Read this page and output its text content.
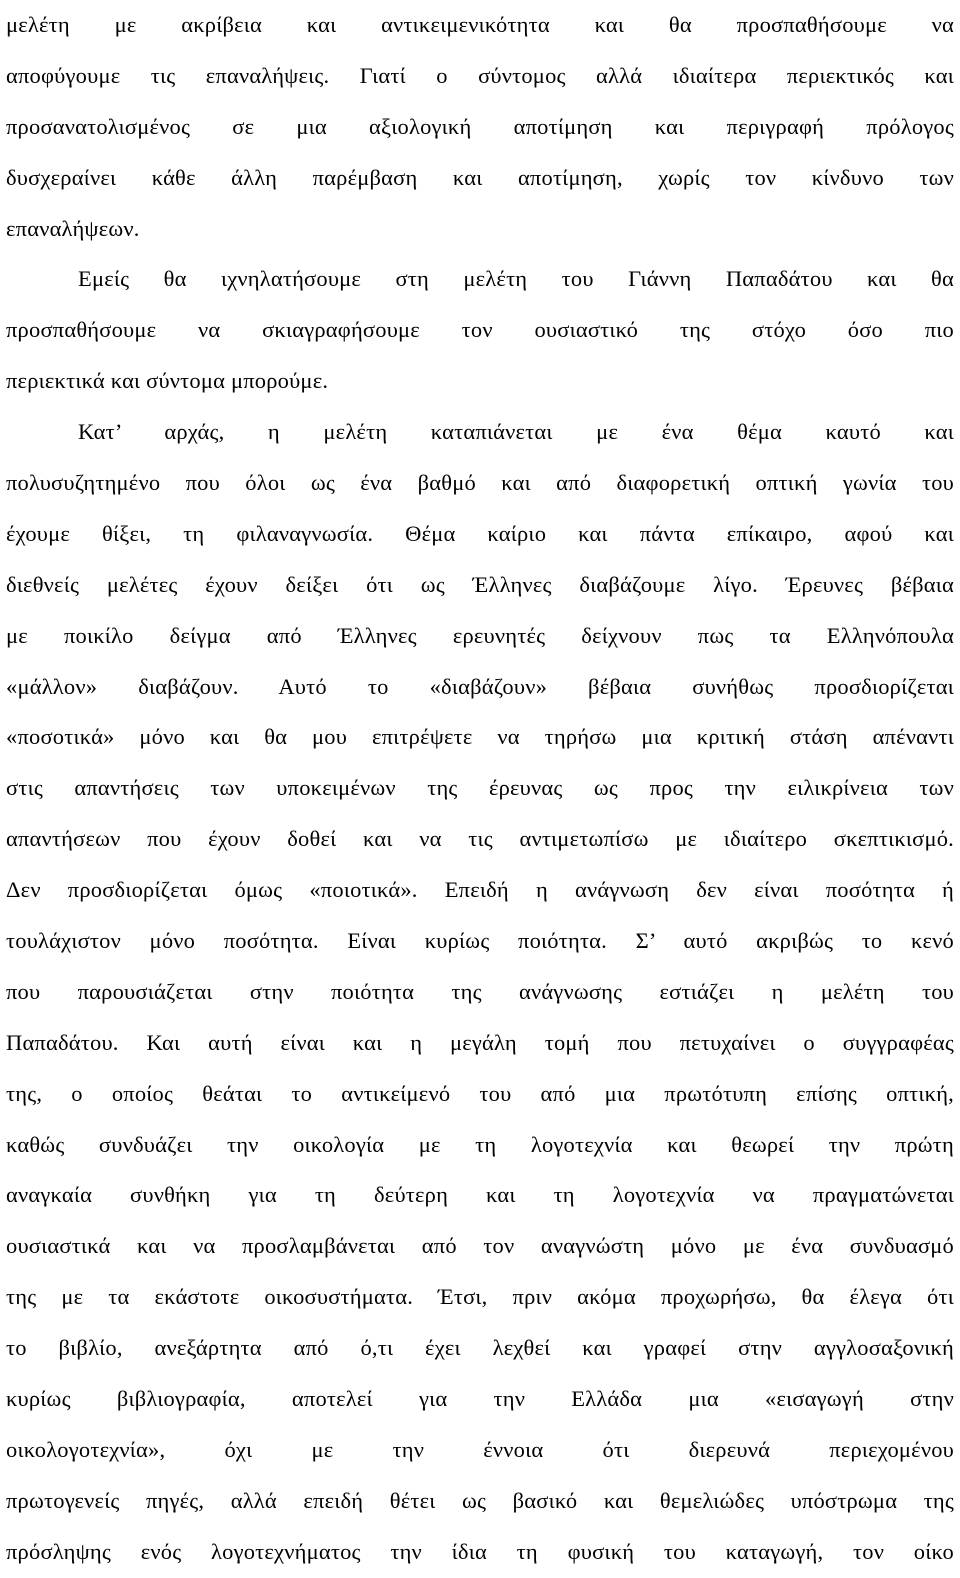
μελέτη με ακρίβεια και αντικειμενικότητα και θα προσπαθήσουμε να
αποφύγουμε τις επαναλήψεις. Γιατί ο σύντομος αλλά ιδιαίτερα περιεκτικός και
προσανατολισμένος σε μια αξιολογική αποτίμηση και περιγραφή πρόλογος
δυσχεραίνει κάθε άλλη παρέμβαση και αποτίμηση, χωρίς τον κίνδυνο των
επαναλήψεων.
Εμείς θα ιχνηλατήσουμε στη μελέτη του Γιάννη Παπαδάτου και θα
προσπαθήσουμε να σκιαγραφήσουμε τον ουσιαστικό της στόχο όσο πιο
περιεκτικά και σύντομα μπορούμε.
Κατ’ αρχάς, η μελέτη καταπιάνεται με ένα θέμα καυτό και
πολυσυζητημένο που όλοι ως ένα βαθμό και από διαφορετική οπτική γωνία του
έχουμε θίξει, τη φιλαναγνωσία. Θέμα καίριο και πάντα επίκαιρο, αφού και
διεθνείς μελέτες έχουν δείξει ότι ως Έλληνες διαβάζουμε λίγο. Έρευνες βέβαια
με ποικίλο δείγμα από Έλληνες ερευνητές δείχνουν πως τα Ελληνόπουλα
«μάλλον» διαβάζουν. Αυτό το «διαβάζουν» βέβαια συνήθως προσδιορίζεται
«ποσοτικά» μόνο και θα μου επιτρέψετε να τηρήσω μια κριτική στάση απέναντι
στις απαντήσεις των υποκειμένων της έρευνας ως προς την ειλικρίνεια των
απαντήσεων που έχουν δοθεί και να τις αντιμετωπίσω με ιδιαίτερο σκεπτικισμό.
Δεν προσδιορίζεται όμως «ποιοτικά». Επειδή η ανάγνωση δεν είναι ποσότητα ή
τουλάχιστον μόνο ποσότητα. Είναι κυρίως ποιότητα. Σ’ αυτό ακριβώς το κενό
που παρουσιάζεται στην ποιότητα της ανάγνωσης εστιάζει η μελέτη του
Παπαδάτου. Και αυτή είναι και η μεγάλη τομή που πετυχαίνει ο συγγραφέας
της, ο οποίος θεάται το αντικείμενό του από μια πρωτότυπη επίσης οπτική,
καθώς συνδυάζει την οικολογία με τη λογοτεχνία και θεωρεί την πρώτη
αναγκαία συνθήκη για τη δεύτερη και τη λογοτεχνία να πραγματώνεται
ουσιαστικά και να προσλαμβάνεται από τον αναγνώστη μόνο με ένα συνδυασμό
της με τα εκάστοτε οικοσυστήματα. Έτσι, πριν ακόμα προχωρήσω, θα έλεγα ότι
το βιβλίο, ανεξάρτητα από ό,τι έχει λεχθεί και γραφεί στην αγγλοσαξονική
κυρίως βιβλιογραφία, αποτελεί για την Ελλάδα μια «εισαγωγή στην
οικολογοτεχνία», όχι με την έννοια ότι διερευνά περιεχομένου
πρωτογενείς πηγές, αλλά επειδή θέτει ως βασικό και θεμελιώδες υπόστρωμα της
πρόσληψης ενός λογοτεχνήματος την ίδια τη φυσική του καταγωγή, τον οίκο
